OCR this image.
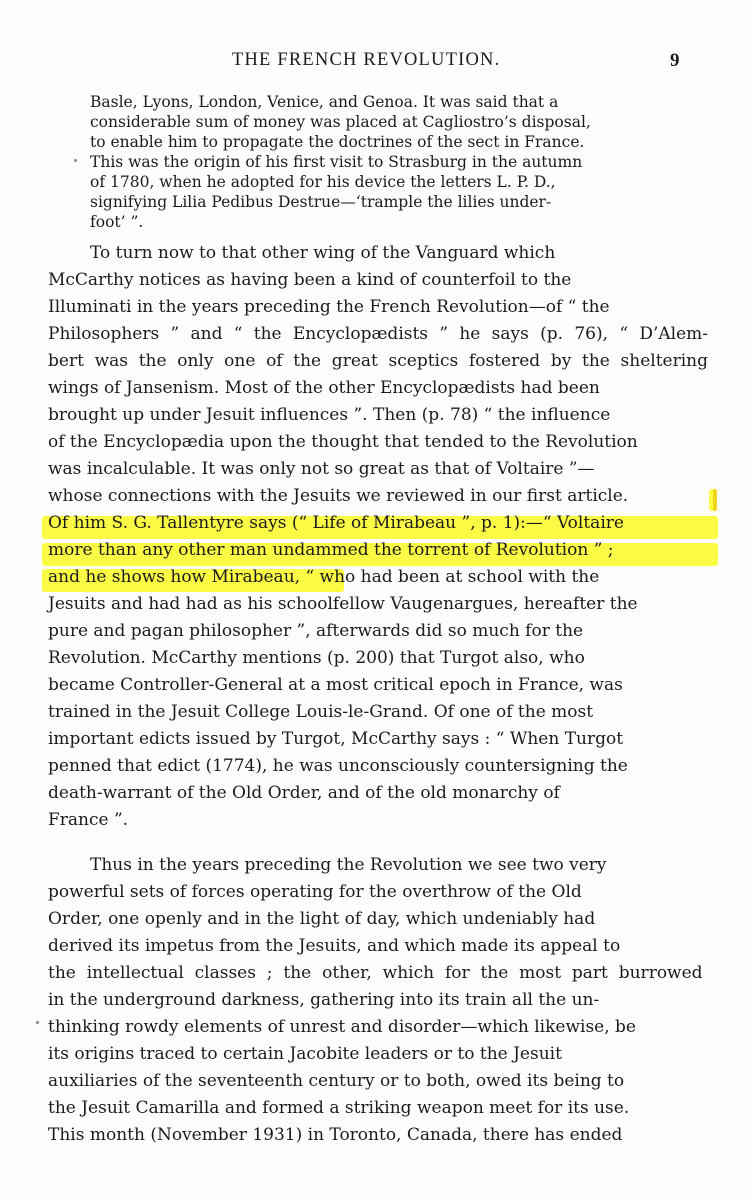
THE FRENCH REVOLUTION.	9
Basle, Lyons, London, Venice, and Genoa. It was said that a
considerable sum of money was placed at Cagliostro’s disposal,
to enable him to propagate the doctrines of the sect in France.
This was the origin of his first visit to Strasburg in the autumn
of 1780, when he adopted for his device the letters L. P. D.,
signifying Lilia Pedibus Destrue—‘trample the lilies under-
foot’ ”.
To turn now to that other wing of the Vanguard which
McCarthy notices as having been a kind of counterfoil to the
Illuminati in the years preceding the French Revolution—of “ the
Philosophers ” and “ the Encyclopædists ” he says (p. 76), “ D’Alem-
bert was the only one of the great sceptics fostered by the sheltering
wings of Jansenism. Most of the other Encyclopædists had been
brought up under Jesuit influences ”. Then (p. 78) “ the influence
of the Encyclopædia upon the thought that tended to the Revolution
was incalculable. It was only not so great as that of Voltaire ”—
whose connections with the Jesuits we reviewed in our first article.
Of him S. G. Tallentyre says (“ Life of Mirabeau ”, p. 1):—“ Voltaire
more than any other man undammed the torrent of Revolution ” ;
and he shows how Mirabeau, “ who had been at school with the
Jesuits and had had as his schoolfellow Vaugenargues, hereafter the
pure and pagan philosopher ”, afterwards did so much for the
Revolution. McCarthy mentions (p. 200) that Turgot also, who
became Controller-General at a most critical epoch in France, was
trained in the Jesuit College Louis-le-Grand. Of one of the most
important edicts issued by Turgot, McCarthy says : “ When Turgot
penned that edict (1774), he was unconsciously countersigning the
death-warrant of the Old Order, and of the old monarchy of
France ”.
Thus in the years preceding the Revolution we see two very
powerful sets of forces operating for the overthrow of the Old
Order, one openly and in the light of day, which undeniably had
derived its impetus from the Jesuits, and which made its appeal to
the intellectual classes ; the other, which for the most part burrowed
in the underground darkness, gathering into its train all the un-
thinking rowdy elements of unrest and disorder—which likewise, be
its origins traced to certain Jacobite leaders or to the Jesuit
auxiliaries of the seventeenth century or to both, owed its being to
the Jesuit Camarilla and formed a striking weapon meet for its use.
This month (November 1931) in Toronto, Canada, there has ended
